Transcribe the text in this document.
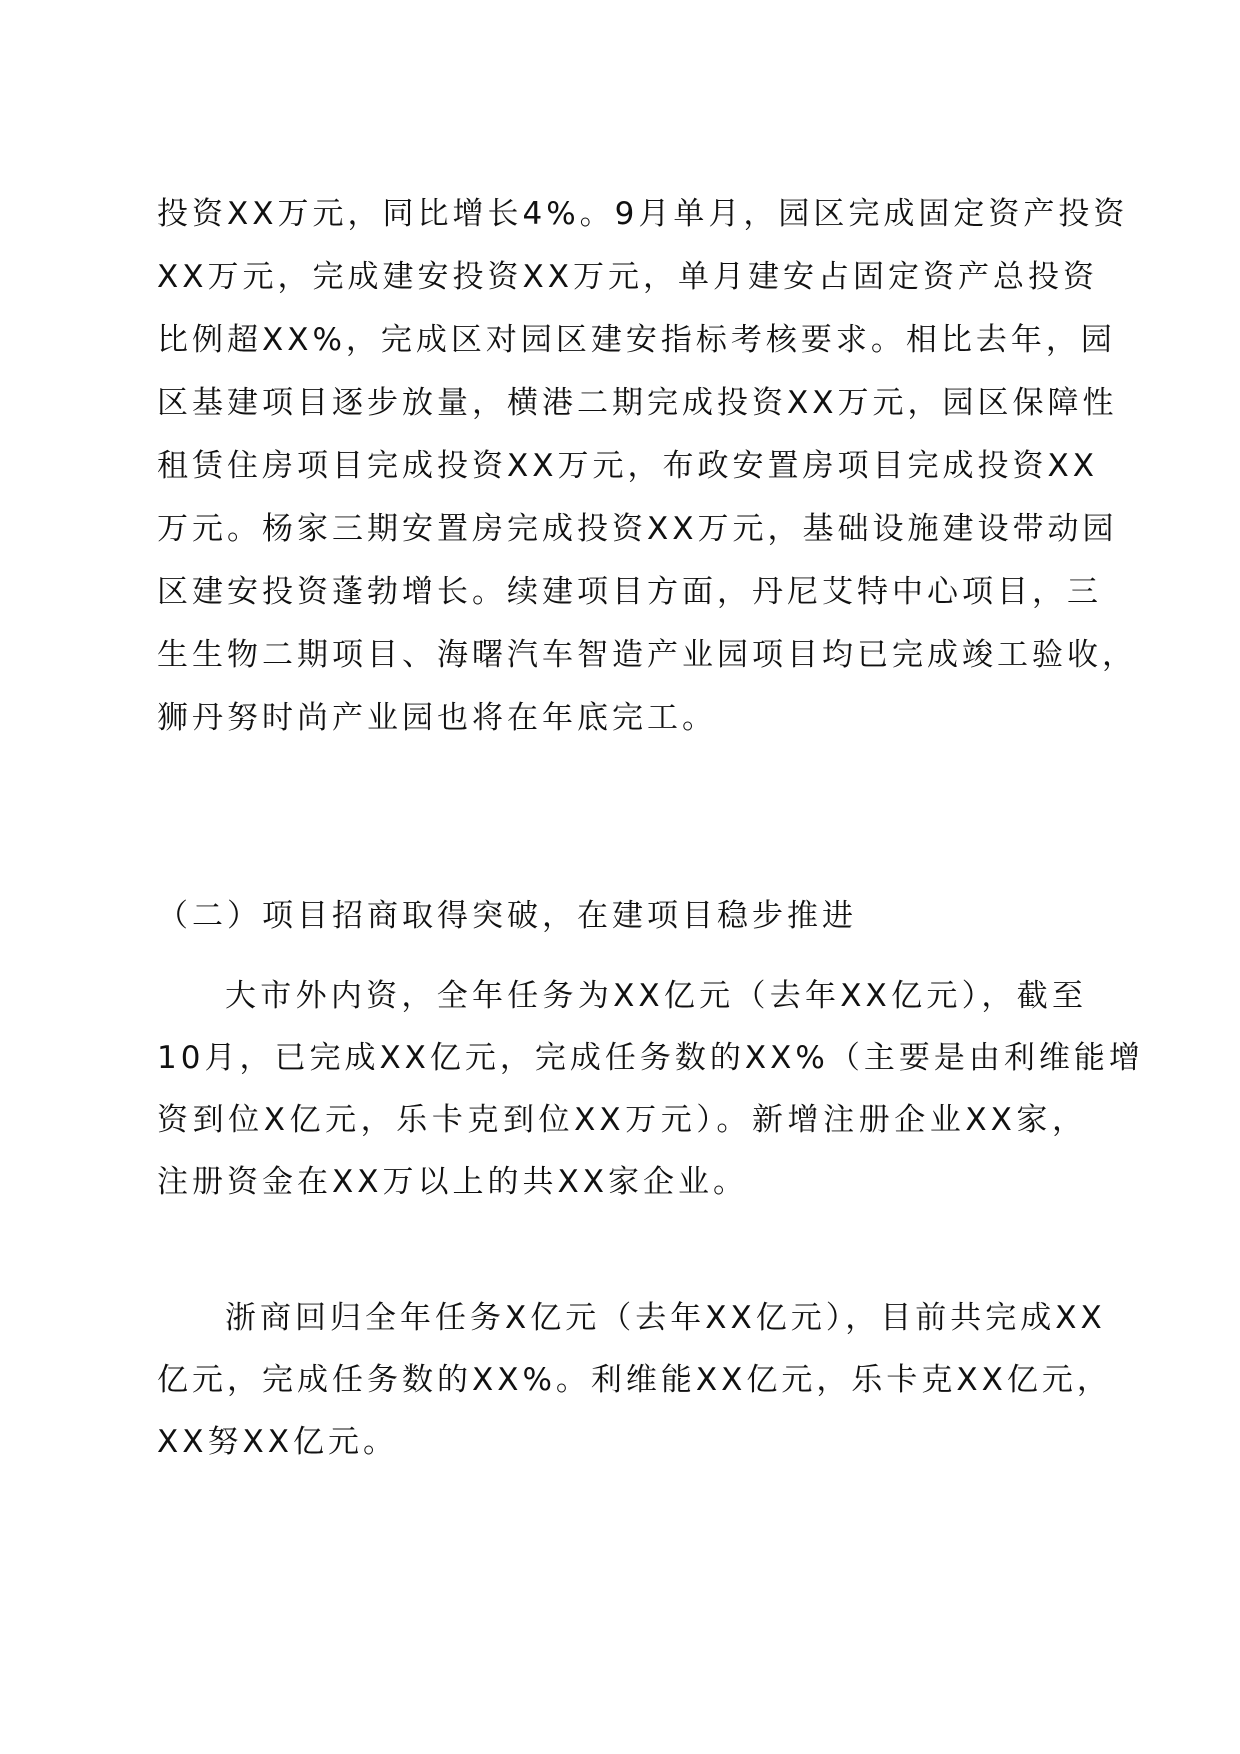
投资XX万元，同比增长4%。9月单月，园区完成固定资产投资
XX万元，完成建安投资XX万元，单月建安占固定资产总投资
比例超XX%，完成区对园区建安指标考核要求。相比去年，园
区基建项目逐步放量，横港二期完成投资XX万元，园区保障性
租赁住房项目完成投资XX万元，布政安置房项目完成投资XX
万元。杨家三期安置房完成投资XX万元，基础设施建设带动园
区建安投资蓬勃增长。续建项目方面，丹尼艾特中心项目，三
生生物二期项目、海曙汽车智造产业园项目均已完成竣工验收，
狮丹努时尚产业园也将在年底完工。
（二）项目招商取得突破，在建项目稳步推进
大市外内资，全年任务为XX亿元（去年XX亿元），截至
10月，已完成XX亿元，完成任务数的XX%（主要是由利维能增
资到位X亿元，乐卡克到位XX万元）。新增注册企业XX家，
注册资金在XX万以上的共XX家企业。
浙商回归全年任务X亿元（去年XX亿元），目前共完成XX
亿元，完成任务数的XX%。利维能XX亿元，乐卡克XX亿元，
XX努XX亿元。
